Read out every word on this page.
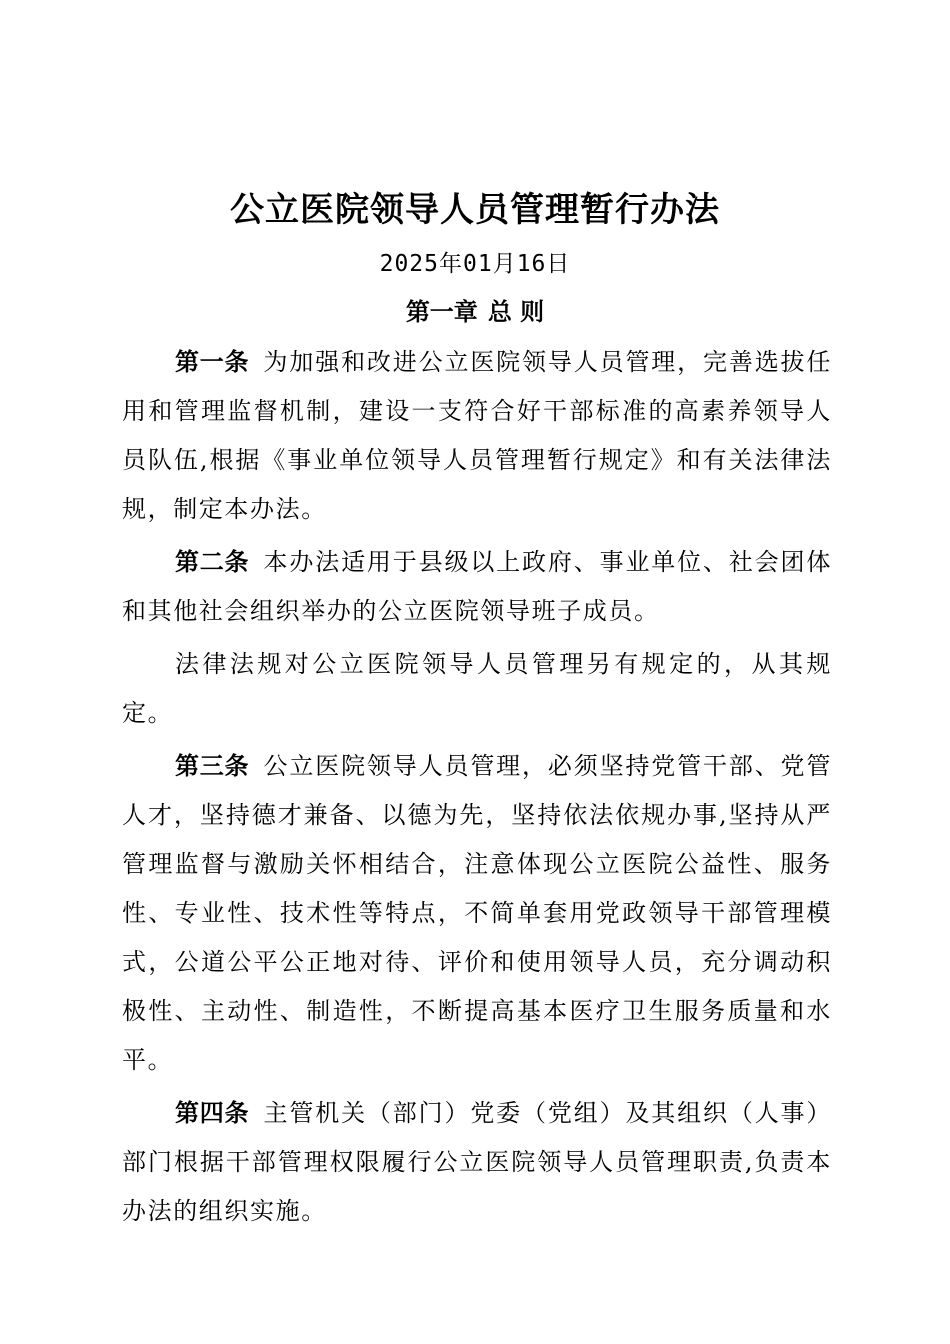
公立医院领导人员管理暂行办法
2025年01月16日
第一章 总 则

第一条 为加强和改进公立医院领导人员管理，完善选拔任用和管理监督机制，建设一支符合好干部标准的高素养领导人员队伍,根据《事业单位领导人员管理暂行规定》和有关法律法规，制定本办法。

第二条 本办法适用于县级以上政府、事业单位、社会团体和其他社会组织举办的公立医院领导班子成员。

法律法规对公立医院领导人员管理另有规定的，从其规定。

第三条 公立医院领导人员管理，必须坚持党管干部、党管人才，坚持德才兼备、以德为先，坚持依法依规办事,坚持从严管理监督与激励关怀相结合，注意体现公立医院公益性、服务性、专业性、技术性等特点，不简单套用党政领导干部管理模式，公道公平公正地对待、评价和使用领导人员，充分调动积极性、主动性、制造性，不断提高基本医疗卫生服务质量和水平。

第四条 主管机关（部门）党委（党组）及其组织（人事）部门根据干部管理权限履行公立医院领导人员管理职责,负责本办法的组织实施。
